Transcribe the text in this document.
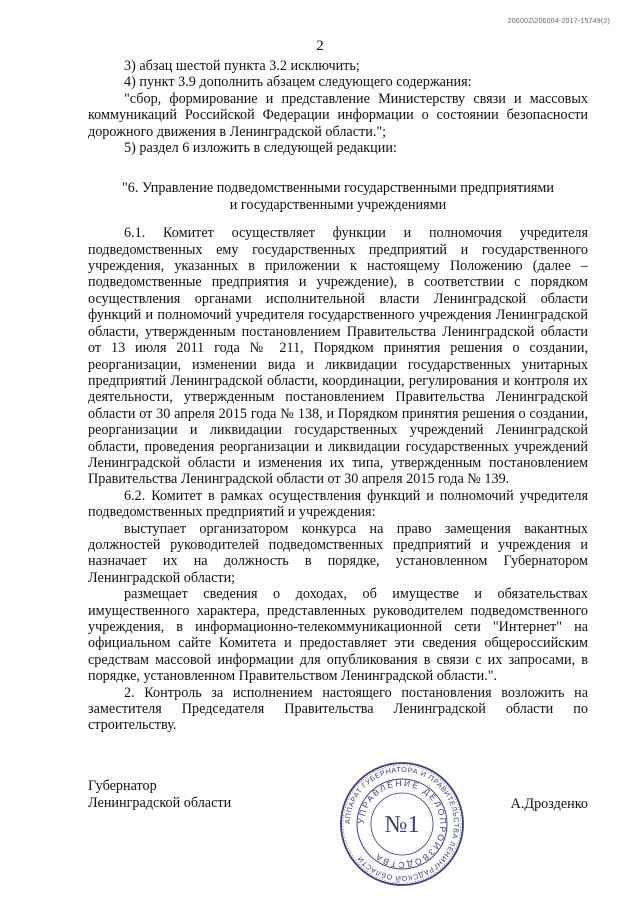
206002\206004-2017-15749(2)
2

3) абзац шестой пункта 3.2 исключить;

4) пункт 3.9 дополнить абзацем следующего содержания:

"сбор, формирование и представление Министерству связи и массовых коммуникаций Российской Федерации информации о состоянии безопасности дорожного движения в Ленинградской области.";

5) раздел 6 изложить в следующей редакции:

"6. Управление подведомственными государственными предприятиями
и государственными учреждениями

6.1. Комитет осуществляет функции и полномочия учредителя подведомственных ему государственных предприятий и государственного учреждения, указанных в приложении к настоящему Положению (далее – подведомственные предприятия и учреждение), в соответствии с порядком осуществления органами исполнительной власти Ленинградской области функций и полномочий учредителя государственного учреждения Ленинградской области, утвержденным постановлением Правительства Ленинградской области от 13 июля 2011 года № 211, Порядком принятия решения о создании, реорганизации, изменении вида и ликвидации государственных унитарных предприятий Ленинградской области, координации, регулирования и контроля их деятельности, утвержденным постановлением Правительства Ленинградской области от 30 апреля 2015 года № 138, и Порядком принятия решения о создании, реорганизации и ликвидации государственных учреждений Ленинградской области, проведения реорганизации и ликвидации государственных учреждений Ленинградской области и изменения их типа, утвержденным постановлением Правительства Ленинградской области от 30 апреля 2015 года № 139.

6.2. Комитет в рамках осуществления функций и полномочий учредителя подведомственных предприятий и учреждения:

выступает организатором конкурса на право замещения вакантных должностей руководителей подведомственных предприятий и учреждения и назначает их на должность в порядке, установленном Губернатором Ленинградской области;

размещает сведения о доходах, об имуществе и обязательствах имущественного характера, представленных руководителем подведомственного учреждения, в информационно-телекоммуникационной сети "Интернет" на официальном сайте Комитета и предоставляет эти сведения общероссийским средствам массовой информации для опубликования в связи с их запросами, в порядке, установленном Правительством Ленинградской области.".

2. Контроль за исполнением настоящего постановления возложить на заместителя Председателя Правительства Ленинградской области по строительству.

Губернатор
Ленинградской области	А.Дрозденко
АППАРАТ ГУБЕРНАТОРА И ПРАВИТЕЛЬСТВА ЛЕНИНГРАДСКОЙ ОБЛАСТИ
УПРАВЛЕНИЕ ДЕЛОПРОИЗВОДСТВА
№1
